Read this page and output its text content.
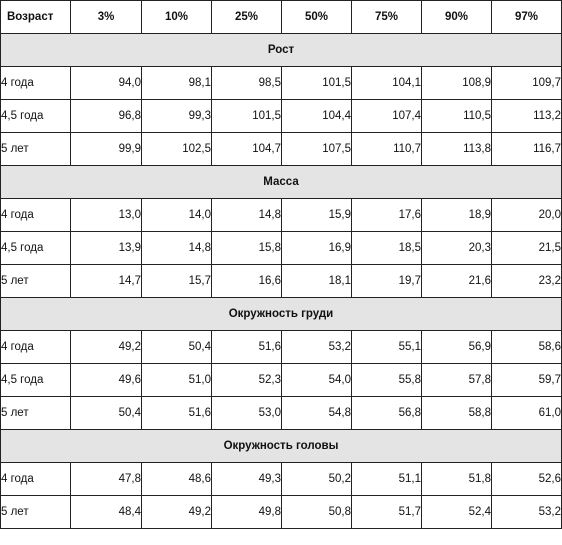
Возраст	3%	10%	25%	50%	75%	90%	97%
Рост							
4 года	94,0	98,1	98,5	101,5	104,1	108,9	109,7
4,5 года	96,8	99,3	101,5	104,4	107,4	110,5	113,2
5 лет	99,9	102,5	104,7	107,5	110,7	113,8	116,7
Масса							
4 года	13,0	14,0	14,8	15,9	17,6	18,9	20,0
4,5 года	13,9	14,8	15,8	16,9	18,5	20,3	21,5
5 лет	14,7	15,7	16,6	18,1	19,7	21,6	23,2
Окружность груди							
4 года	49,2	50,4	51,6	53,2	55,1	56,9	58,6
4,5 года	49,6	51,0	52,3	54,0	55,8	57,8	59,7
5 лет	50,4	51,6	53,0	54,8	56,8	58,8	61,0
Окружность головы							
4 года	47,8	48,6	49,3	50,2	51,1	51,8	52,6
5 лет	48,4	49,2	49,8	50,8	51,7	52,4	53,2
